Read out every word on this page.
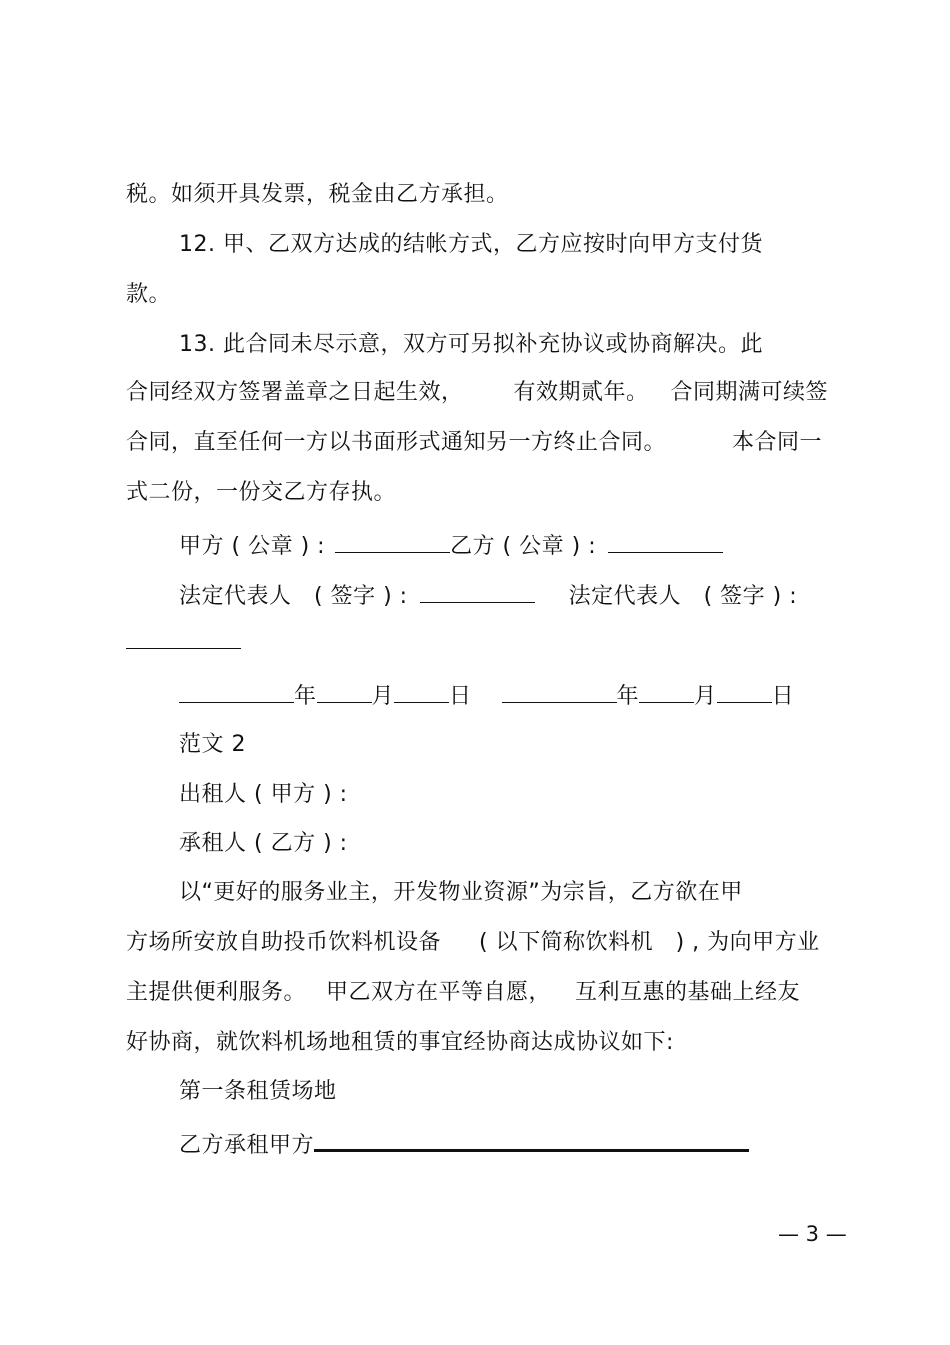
税。如须开具发票，税金由乙方承担。
12. 甲、乙双方达成的结帐方式，乙方应按时向甲方支付货
款。
13. 此合同未尽示意，双方可另拟补充协议或协商解决。此
合同经双方签署盖章之日起生效， 有效期贰年。 合同期满可续签
合同，直至任何一方以书面形式通知另一方终止合同。	本合同一
式二份，一份交乙方存执。
甲方 ( 公章 ) :	乙方 ( 公章 ) :
法定代表人　( 签字 ) :	法定代表人　( 签字 ) :
年	月	日	年	月	日
范文 2
出租人 ( 甲方 ) :
承租人 ( 乙方 ) :
以“更好的服务业主，开发物业资源”为宗旨，乙方欲在甲
方场所安放自助投币饮料机设备 ( 以下简称饮料机　) , 为向甲方业
主提供便利服务。 甲乙双方在平等自愿， 互利互惠的基础上经友
好协商，就饮料机场地租赁的事宜经协商达成协议如下:
第一条租赁场地
乙方承租甲方
— 3 —
